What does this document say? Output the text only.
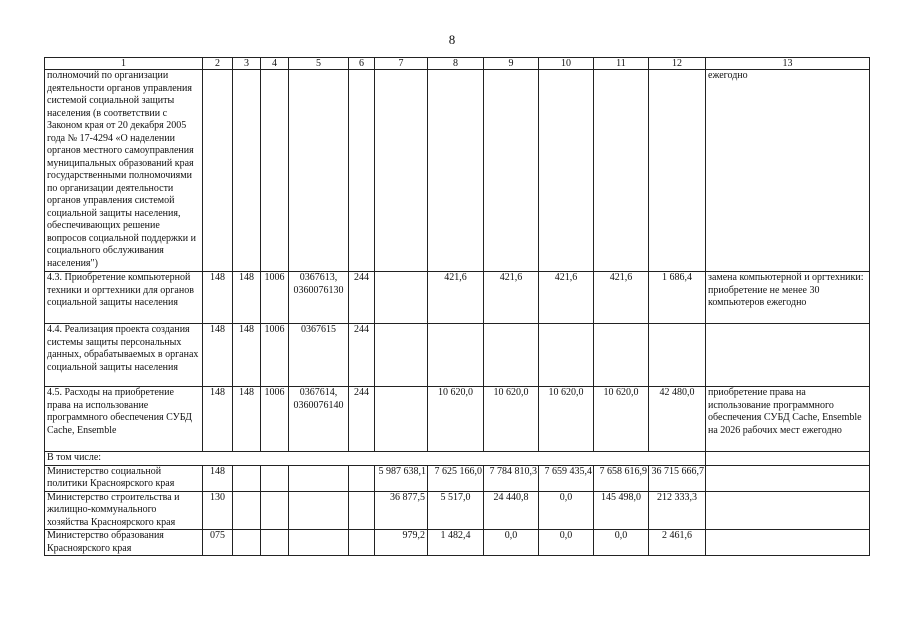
8
1	2	3	4	5	6	7	8	9	10	11	12	13
полномочий по организации деятельности органов управления системой социальной защиты населения (в соответствии с Законом края от 20 декабря 2005 года № 17-4294 «О наделении органов местного самоуправления муниципальных образований края государственными полномочиями по организации деятельности органов управления системой социальной защиты населения, обеспечивающих решение вопросов социальной поддержки и социального обслуживания населения")												ежегодно
4.3. Приобретение компьютерной техники и оргтехники для органов социальной защиты населения	148	148	1006	0367613, 0360076130	244		421,6	421,6	421,6	421,6	1 686,4	замена компьютерной и оргтехники: приобретение не менее 30 компьютеров ежегодно
4.4. Реализация проекта создания системы защиты персональных данных, обрабатываемых в органах социальной защиты населения	148	148	1006	0367615	244							
4.5. Расходы на приобретение права на использование программного обеспечения СУБД Cache, Ensemble	148	148	1006	0367614, 0360076140	244		10 620,0	10 620,0	10 620,0	10 620,0	42 480,0	приобретение права на использование программного обеспечения СУБД Cache, Ensemble на 2026 рабочих мест ежегодно
В том числе:												
Министерство социальной политики Красноярского края	148					5 987 638,1	7 625 166,0	7 784 810,3	7 659 435,4	7 658 616,9	36 715 666,7	
Министерство строительства и жилищно-коммунального хозяйства Красноярского края	130					36 877,5	5 517,0	24 440,8	0,0	145 498,0	212 333,3	
Министерство образования Красноярского края	075					979,2	1 482,4	0,0	0,0	0,0	2 461,6	
